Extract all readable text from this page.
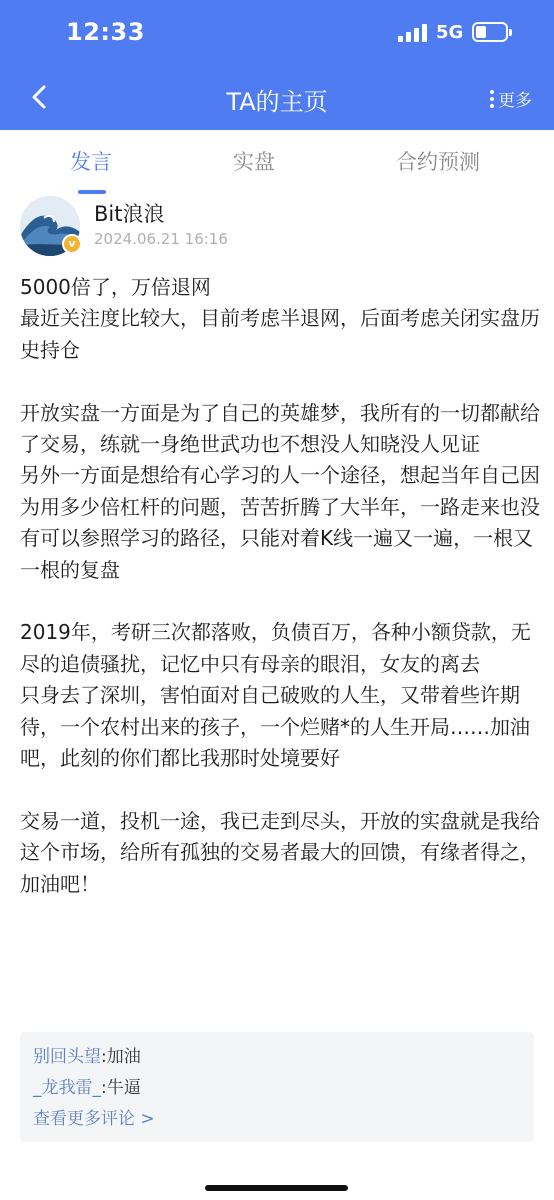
12:33	5G
TA的主页	更多
发言	实盘	合约预测
v
Bit浪浪
2024.06.21 16:16

5000倍了，万倍退网

最近关注度比较大，目前考虑半退网，后面考虑关闭实盘历史持仓

开放实盘一方面是为了自己的英雄梦，我所有的一切都献给了交易，练就一身绝世武功也不想没人知晓没人见证

另外一方面是想给有心学习的人一个途径，想起当年自己因为用多少倍杠杆的问题，苦苦折腾了大半年，一路走来也没有可以参照学习的路径，只能对着K线一遍又一遍，一根又一根的复盘

2019年，考研三次都落败，负债百万，各种小额贷款，无尽的追债骚扰，记忆中只有母亲的眼泪，女友的离去

只身去了深圳，害怕面对自己破败的人生，又带着些许期待，一个农村出来的孩子，一个烂赌*的人生开局……加油吧，此刻的你们都比我那时处境要好

交易一道，投机一途，我已走到尽头，开放的实盘就是我给这个市场，给所有孤独的交易者最大的回馈，有缘者得之，加油吧！

别回头望:加油
_龙我雷_:牛逼
查看更多评论 >
